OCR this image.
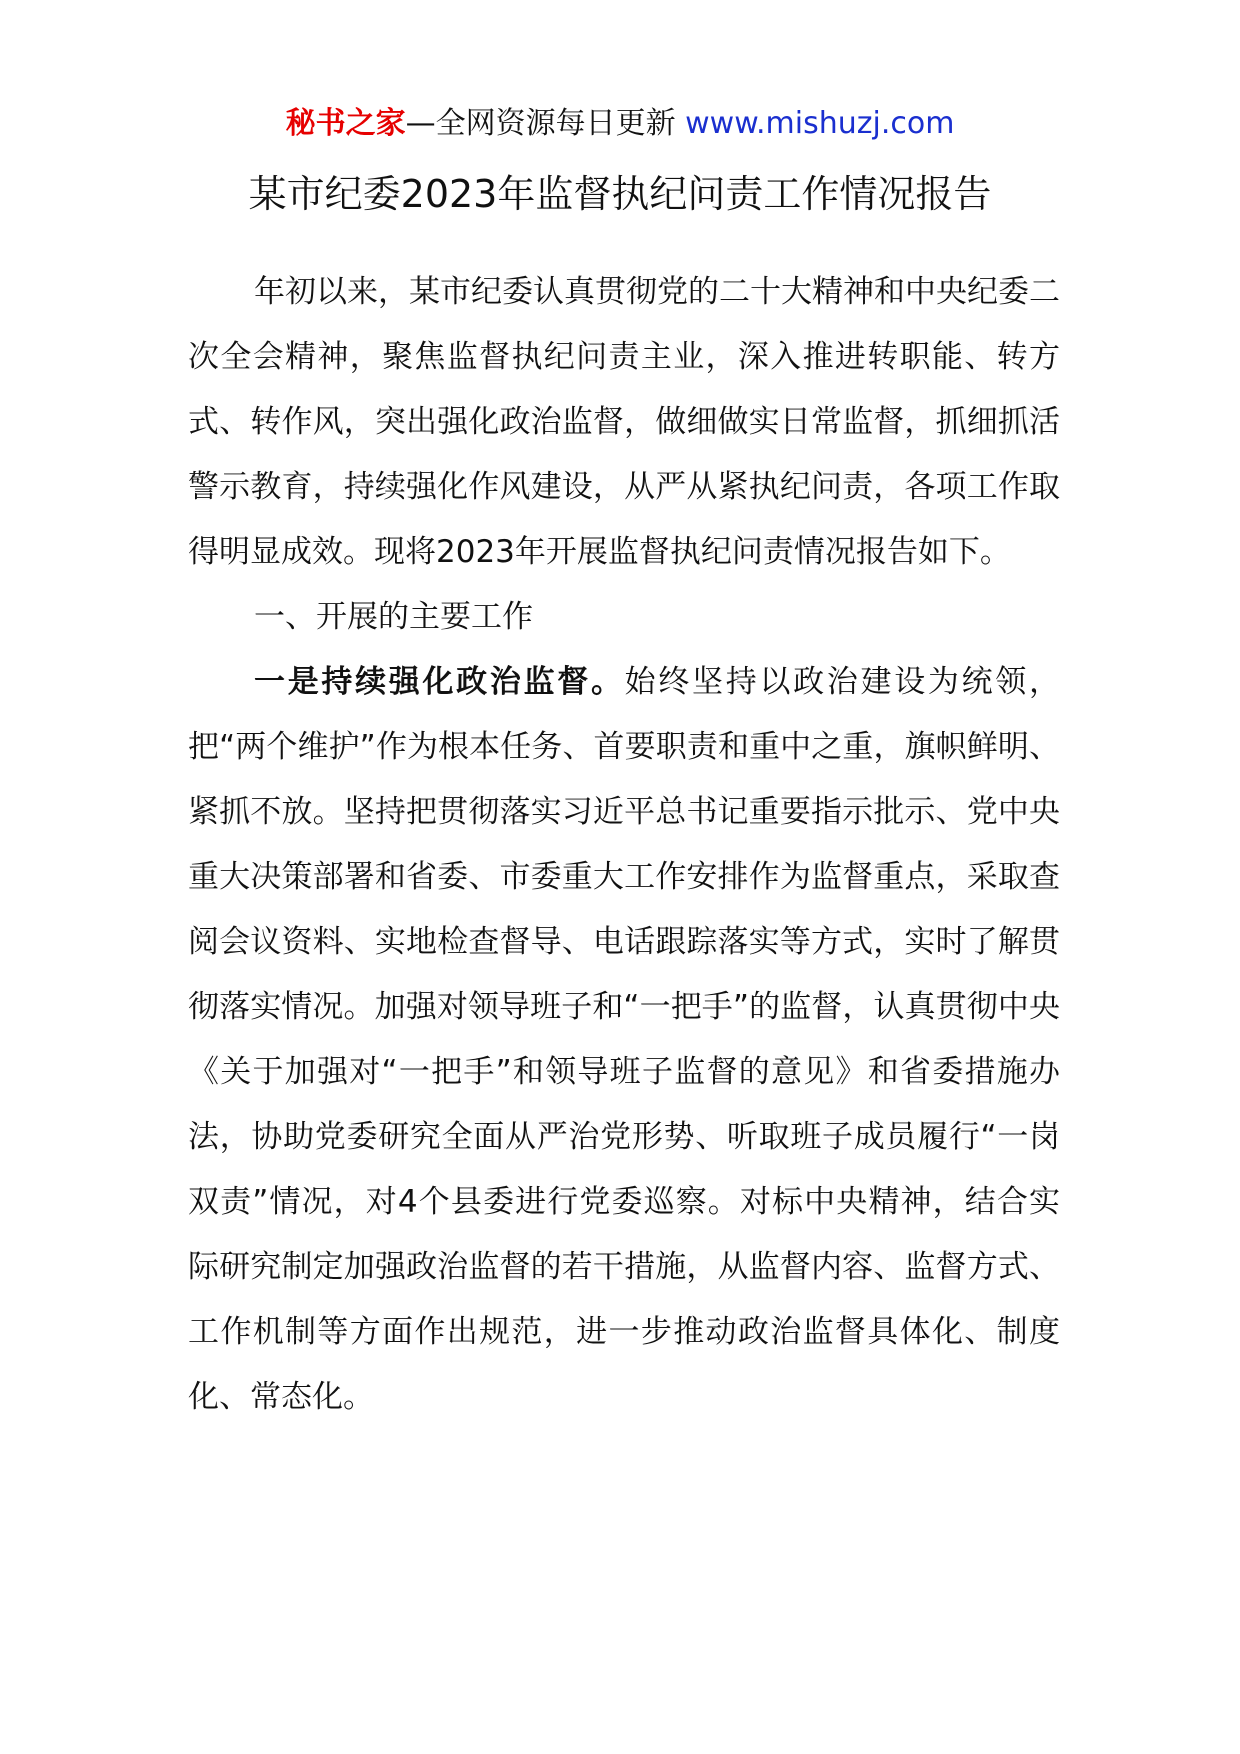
秘书之家—全网资源每日更新 www.mishuzj.com
某市纪委2023年监督执纪问责工作情况报告

年初以来，某市纪委认真贯彻党的二十大精神和中央纪委二次全会精神，聚焦监督执纪问责主业，深入推进转职能、转方式、转作风，突出强化政治监督，做细做实日常监督，抓细抓活警示教育，持续强化作风建设，从严从紧执纪问责，各项工作取得明显成效。现将2023年开展监督执纪问责情况报告如下。

一、开展的主要工作

一是持续强化政治监督。始终坚持以政治建设为统领，把“两个维护”作为根本任务、首要职责和重中之重，旗帜鲜明、紧抓不放。坚持把贯彻落实习近平总书记重要指示批示、党中央重大决策部署和省委、市委重大工作安排作为监督重点，采取查阅会议资料、实地检查督导、电话跟踪落实等方式，实时了解贯彻落实情况。加强对领导班子和“一把手”的监督，认真贯彻中央《关于加强对“一把手”和领导班子监督的意见》和省委措施办法，协助党委研究全面从严治党形势、听取班子成员履行“一岗双责”情况，对4个县委进行党委巡察。对标中央精神，结合实际研究制定加强政治监督的若干措施，从监督内容、监督方式、工作机制等方面作出规范，进一步推动政治监督具体化、制度化、常态化。
